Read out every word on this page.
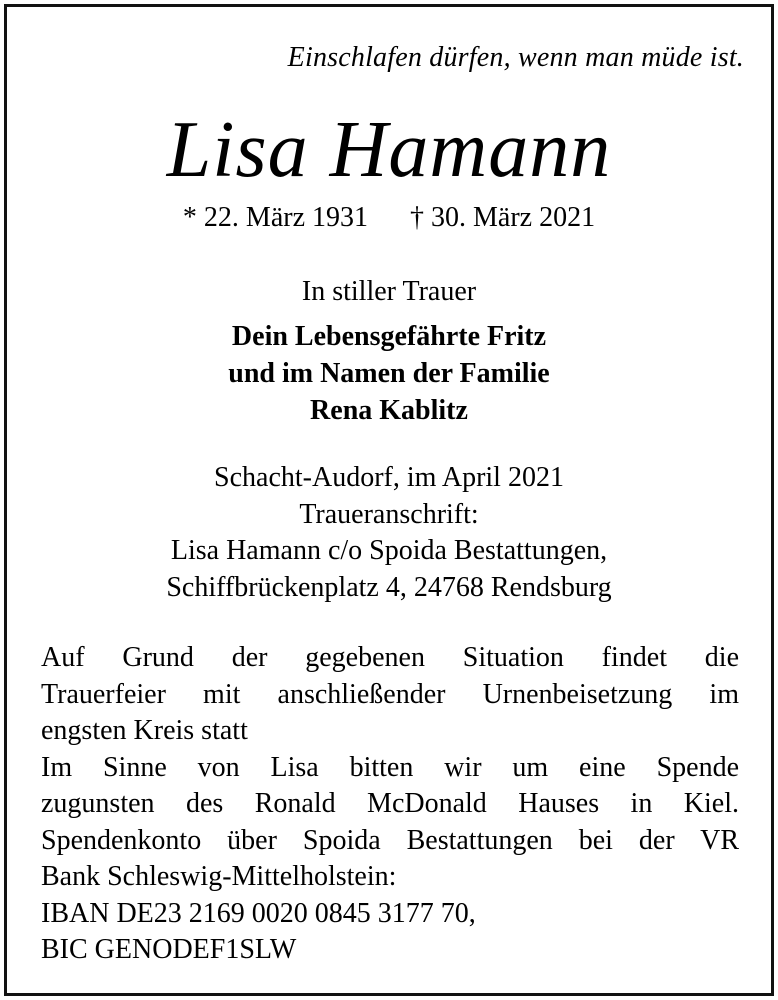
Einschlafen dürfen, wenn man müde ist.
Lisa Hamann
* 22. März 1931 † 30. März 2021
In stiller Trauer
Dein Lebensgefährte Fritz
und im Namen der Familie
Rena Kablitz
Schacht-Audorf, im April 2021
Traueranschrift:
Lisa Hamann c/o Spoida Bestattungen,
Schiffbrückenplatz 4, 24768 Rendsburg
Auf Grund der gegebenen Situation findet die
Trauerfeier mit anschließender Urnenbeisetzung im
engsten Kreis statt
Im Sinne von Lisa bitten wir um eine Spende
zugunsten des Ronald McDonald Hauses in Kiel.
Spendenkonto über Spoida Bestattungen bei der VR
Bank Schleswig-Mittelholstein:
IBAN DE23 2169 0020 0845 3177 70,
BIC GENODEF1SLW
